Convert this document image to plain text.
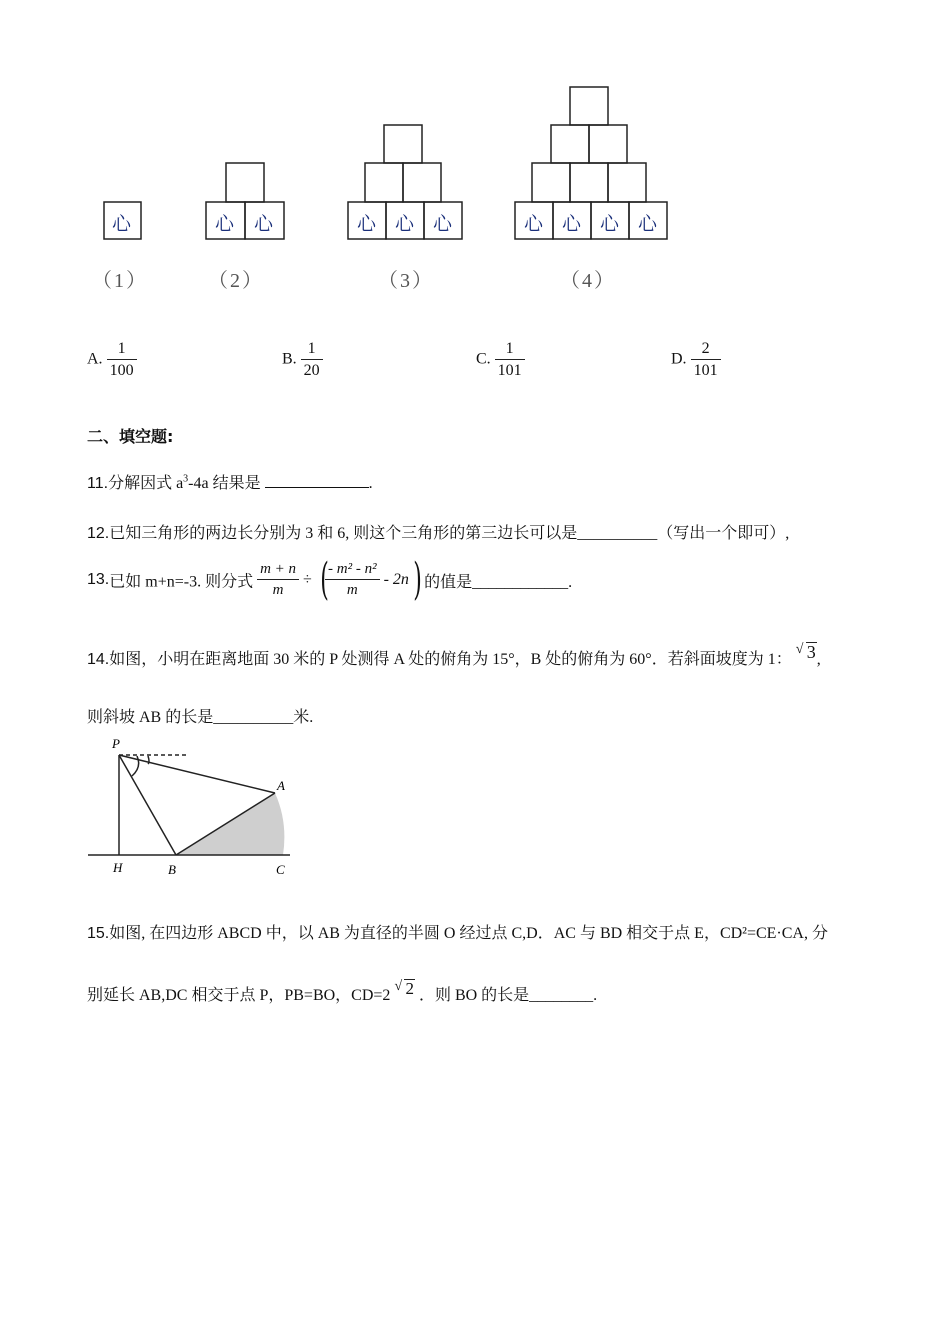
心	心 心	心 心 心	心 心 心 心
（1）	（2）	（3）	（4）
A. $\frac{1}{100}$	B. $\frac{1}{20}$	C. $\frac{1}{101}$	D. $\frac{2}{101}$
二、填空题:
11.分解因式 $a^3-4a$ 结果是	.
12.已知三角形的两边长分别为 3 和 6, 则这个三角形的第三边长可以是__________（写出一个即可）,
13.已如 m+n=-3. 则分式 $\frac{m + n}{m}$ ÷ (
$\frac{\text{- m² - n²}}{m} - 2n$) 的值是____________.
14.如图，小明在距离地面 30 米的 P 处测得 A 处的俯角为 15°，B 处的俯角为 60°．若斜面坡度为 1：
√ 3,
则斜坡 AB 的长是__________米.
P
A
H	B	C
15.如图, 在四边形 ABCD 中，以 AB 为直径的半圆 O 经过点 C,D．AC 与 BD 相交于点 E，CD²=CE·CA, 分
别延长 AB,DC 相交于点 P，PB=BO，CD=2
√ 2 ．则 BO 的长是________.
